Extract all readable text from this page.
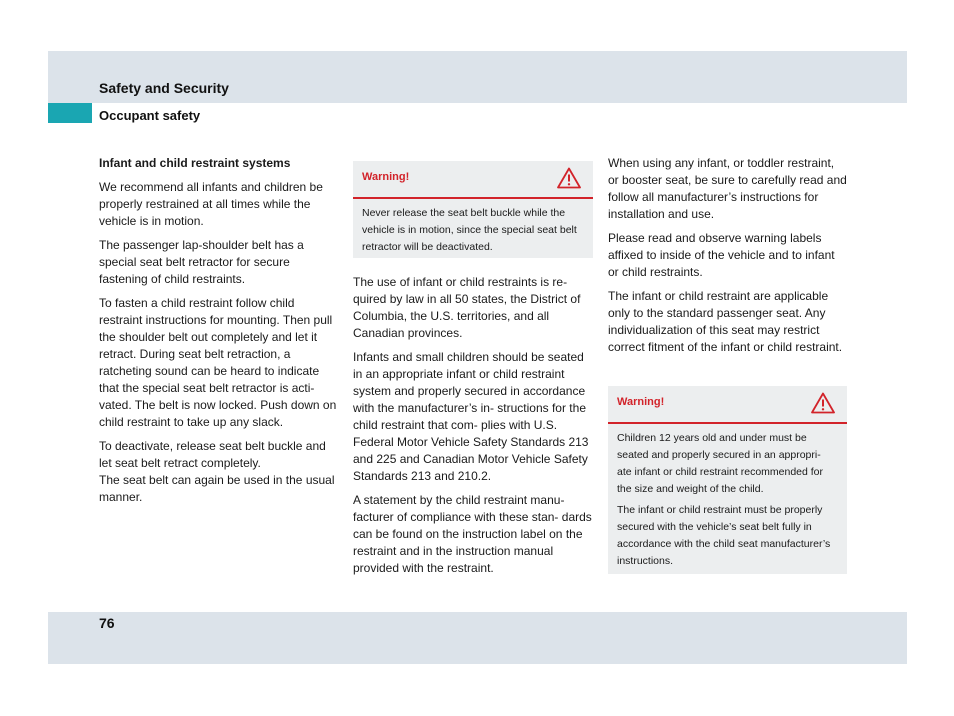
Safety and Security
Occupant safety

Infant and child restraint systems

We recommend all infants and children be properly restrained at all times while the vehicle is in motion.

The passenger lap-shoulder belt has a special seat belt retractor for secure fastening of child restraints.

To fasten a child restraint follow child restraint instructions for mounting. Then pull the shoulder belt out completely and let it retract. During seat belt retraction, a ratcheting sound can be heard to indicate that the special seat belt retractor is acti- vated. The belt is now locked. Push down on child restraint to take up any slack.

To deactivate, release seat belt buckle and let seat belt retract completely.

The seat belt can again be used in the usual manner.

Warning!

Never release the seat belt buckle while the vehicle is in motion, since the special seat belt retractor will be deactivated.

The use of infant or child restraints is re- quired by law in all 50 states, the District of Columbia, the U.S. territories, and all Canadian provinces.

Infants and small children should be seated in an appropriate infant or child restraint system and properly secured in accordance with the manufacturer’s in- structions for the child restraint that com- plies with U.S. Federal Motor Vehicle Safety Standards 213 and 225 and Canadian Motor Vehicle Safety Standards 213 and 210.2.

A statement by the child restraint manu- facturer of compliance with these stan- dards can be found on the instruction label on the restraint and in the instruction manual provided with the restraint.

When using any infant, or toddler restraint, or booster seat, be sure to carefully read and follow all manufacturer’s instructions for installation and use.

Please read and observe warning labels affixed to inside of the vehicle and to infant or child restraints.

The infant or child restraint are applicable only to the standard passenger seat. Any individualization of this seat may restrict correct fitment of the infant or child restraint.

Warning!

Children 12 years old and under must be seated and properly secured in an appropri- ate infant or child restraint recommended for the size and weight of the child.

The infant or child restraint must be properly secured with the vehicle’s seat belt fully in accordance with the child seat manufacturer’s instructions.

76
